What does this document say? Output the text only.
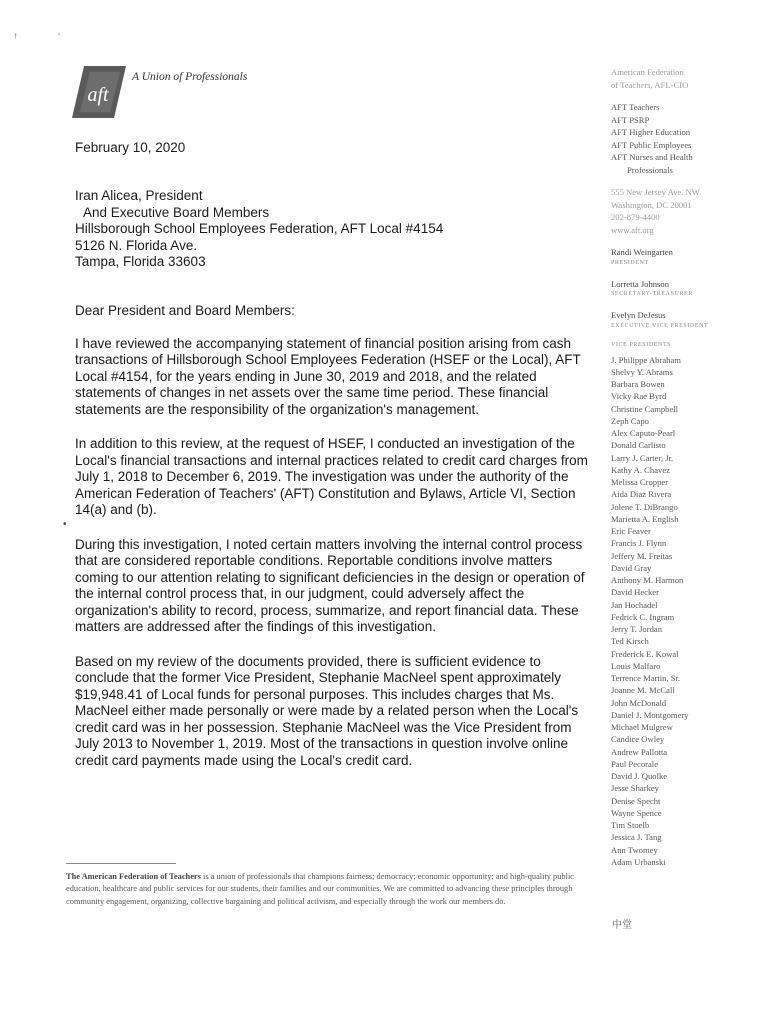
†	"
aft
A Union of Professionals
February 10, 2020
Iran Alicea, President
And Executive Board Members
Hillsborough School Employees Federation, AFT Local #4154
5126 N. Florida Ave.
Tampa, Florida 33603
Dear President and Board Members:

I have reviewed the accompanying statement of financial position arising from cash transactions of Hillsborough School Employees Federation (HSEF or the Local), AFT Local #4154, for the years ending in June 30, 2019 and 2018, and the related statements of changes in net assets over the same time period. These financial statements are the responsibility of the organization's management.

In addition to this review, at the request of HSEF, I conducted an investigation of the Local's financial transactions and internal practices related to credit card charges from July 1, 2018 to December 6, 2019. The investigation was under the authority of the American Federation of Teachers' (AFT) Constitution and Bylaws, Article VI, Section 14(a) and (b).

During this investigation, I noted certain matters involving the internal control process that are considered reportable conditions. Reportable conditions involve matters coming to our attention relating to significant deficiencies in the design or operation of the internal control process that, in our judgment, could adversely affect the organization's ability to record, process, summarize, and report financial data. These matters are addressed after the findings of this investigation.

Based on my review of the documents provided, there is sufficient evidence to conclude that the former Vice President, Stephanie MacNeel spent approximately $19,948.41 of Local funds for personal purposes. This includes charges that Ms. MacNeel either made personally or were made by a related person when the Local's credit card was in her possession. Stephanie MacNeel was the Vice President from July 2013 to November 1, 2019. Most of the transactions in question involve online credit card payments made using the Local's credit card.

•
The American Federation of Teachers is a union of professionals that champions fairness; democracy; economic opportunity; and high-quality public education, healthcare and public services for our students, their families and our communities. We are committed to advancing these principles through community engagement, organizing, collective bargaining and political activism, and especially through the work our members do.
American Federation
of Teachers, AFL-CIO
AFT Teachers
AFT PSRP
AFT Higher Education
AFT Public Employees
AFT Nurses and Health
Professionals
555 New Jersey Ave. NW
Washington, DC 20001
202-879-4400
www.aft.org
Randi Weingarten
PRESIDENT
Lorretta Johnson
SECRETARY-TREASURER
Evelyn DeJesus
EXECUTIVE VICE PRESIDENT
VICE PRESIDENTS
J. Philippe Abraham
Shelvy Y. Abrams
Barbara Bowen
Vicky Rae Byrd
Christine Campbell
Zeph Capo
Alex Caputo-Pearl
Donald Carlisto
Larry J. Carter, Jr.
Kathy A. Chavez
Melissa Cropper
Aida Diaz Rivera
Jolene T. DiBrango
Marietta A. English
Eric Feaver
Francis J. Flynn
Jeffery M. Freitas
David Gray
Anthony M. Harmon
David Hecker
Jan Hochadel
Fedrick C. Ingram
Jerry T. Jordan
Ted Kirsch
Frederick E. Kowal
Louis Malfaro
Terrence Martin, Sr.
Joanne M. McCall
John McDonald
Daniel J. Montgomery
Michael Mulgrew
Candice Owley
Andrew Pallotta
Paul Pecorale
David J. Quolke
Jesse Sharkey
Denise Specht
Wayne Spence
Tim Stoelb
Jessica J. Tang
Ann Twomey
Adam Urbanski
中堂
